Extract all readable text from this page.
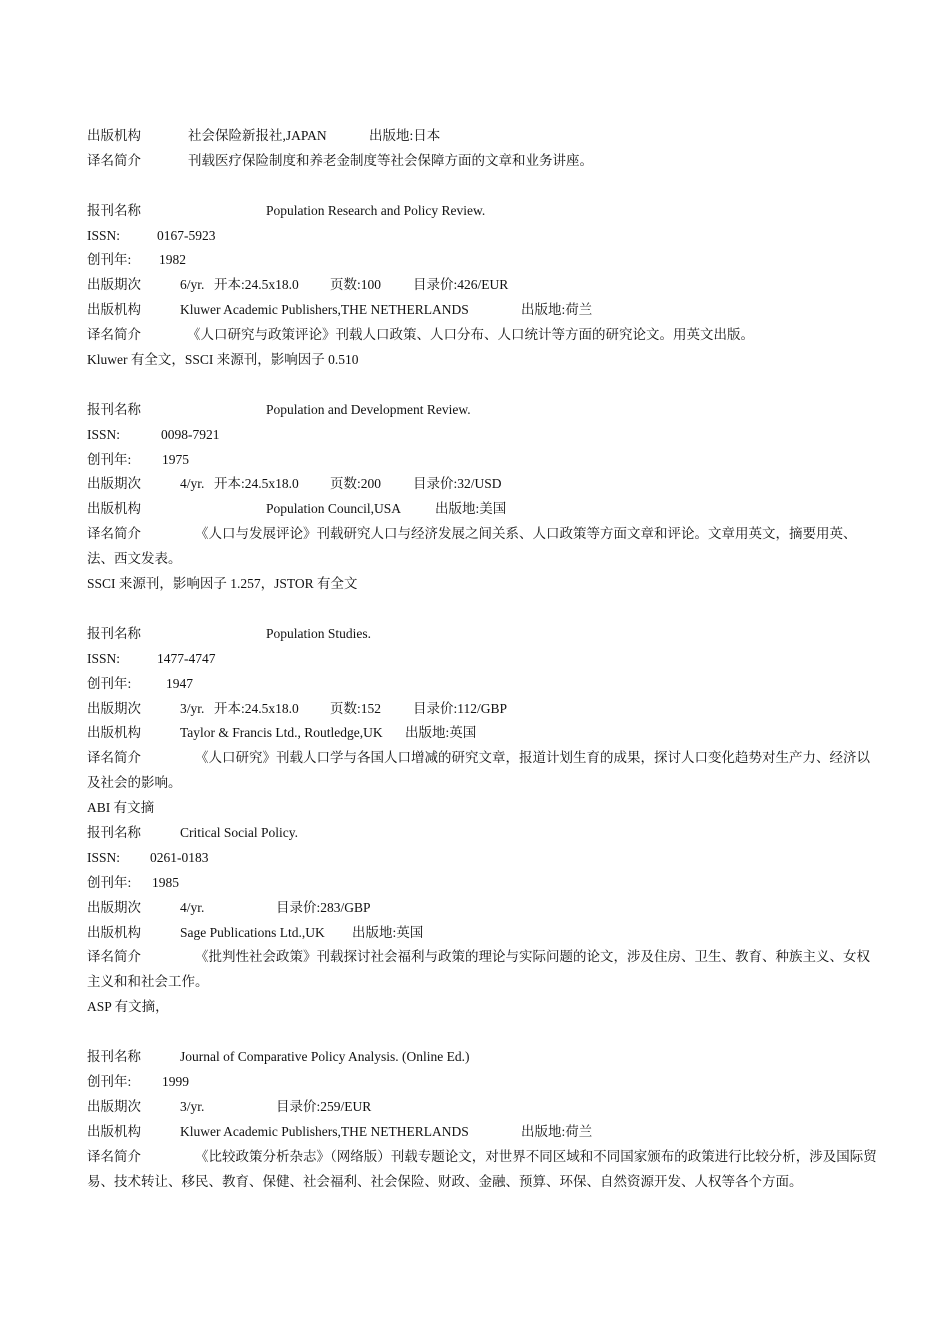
出版机构	社会保险新报社,JAPAN	出版地:日本
译名简介	刊载医疗保险制度和养老金制度等社会保障方面的文章和业务讲座。
报刊名称	Population Research and Policy Review.
ISSN:	0167-5923
创刊年: 1982
出版期次	6/yr. 开本:24.5x18.0 页数:100 目录价:426/EUR
出版机构	Kluwer Academic Publishers,THE NETHERLANDS	出版地:荷兰
译名简介	《人口研究与政策评论》刊载人口政策、人口分布、人口统计等方面的研究论文。用英文出版。
Kluwer 有全文，SSCI 来源刊，影响因子 0.510
报刊名称	Population and Development Review.
ISSN:	0098-7921
创刊年: 1975
出版期次	4/yr. 开本:24.5x18.0 页数:200 目录价:32/USD
出版机构	Population Council,USA	出版地:美国
译名简介	《人口与发展评论》刊载研究人口与经济发展之间关系、人口政策等方面文章和评论。文章用英文，摘要用英、法、西文发表。
SSCI 来源刊，影响因子 1.257，JSTOR 有全文
报刊名称	Population Studies.
ISSN:	1477-4747
创刊年:	1947
出版期次	3/yr. 开本:24.5x18.0 页数:152 目录价:112/GBP
出版机构	Taylor & Francis Ltd., Routledge,UK 出版地:英国
译名简介	《人口研究》刊载人口学与各国人口增减的研究文章，报道计划生育的成果，探讨人口变化趋势对生产力、经济以及社会的影响。
ABI 有文摘
报刊名称	Critical Social Policy.
ISSN: 0261-0183
创刊年: 1985
出版期次	4/yr.	目录价:283/GBP
出版机构	Sage Publications Ltd.,UK 出版地:英国
译名简介	《批判性社会政策》刊载探讨社会福利与政策的理论与实际问题的论文，涉及住房、卫生、教育、种族主义、女权主义和和社会工作。
ASP 有文摘，
报刊名称	Journal of Comparative Policy Analysis. (Online Ed.)
创刊年: 1999
出版期次	3/yr.	目录价:259/EUR
出版机构	Kluwer Academic Publishers,THE NETHERLANDS	出版地:荷兰
译名简介	《比较政策分析杂志》（网络版）刊载专题论文，对世界不同区域和不同国家颁布的政策进行比较分析，涉及国际贸易、技术转让、移民、教育、保健、社会福利、社会保险、财政、金融、预算、环保、自然资源开发、人权等各个方面。
